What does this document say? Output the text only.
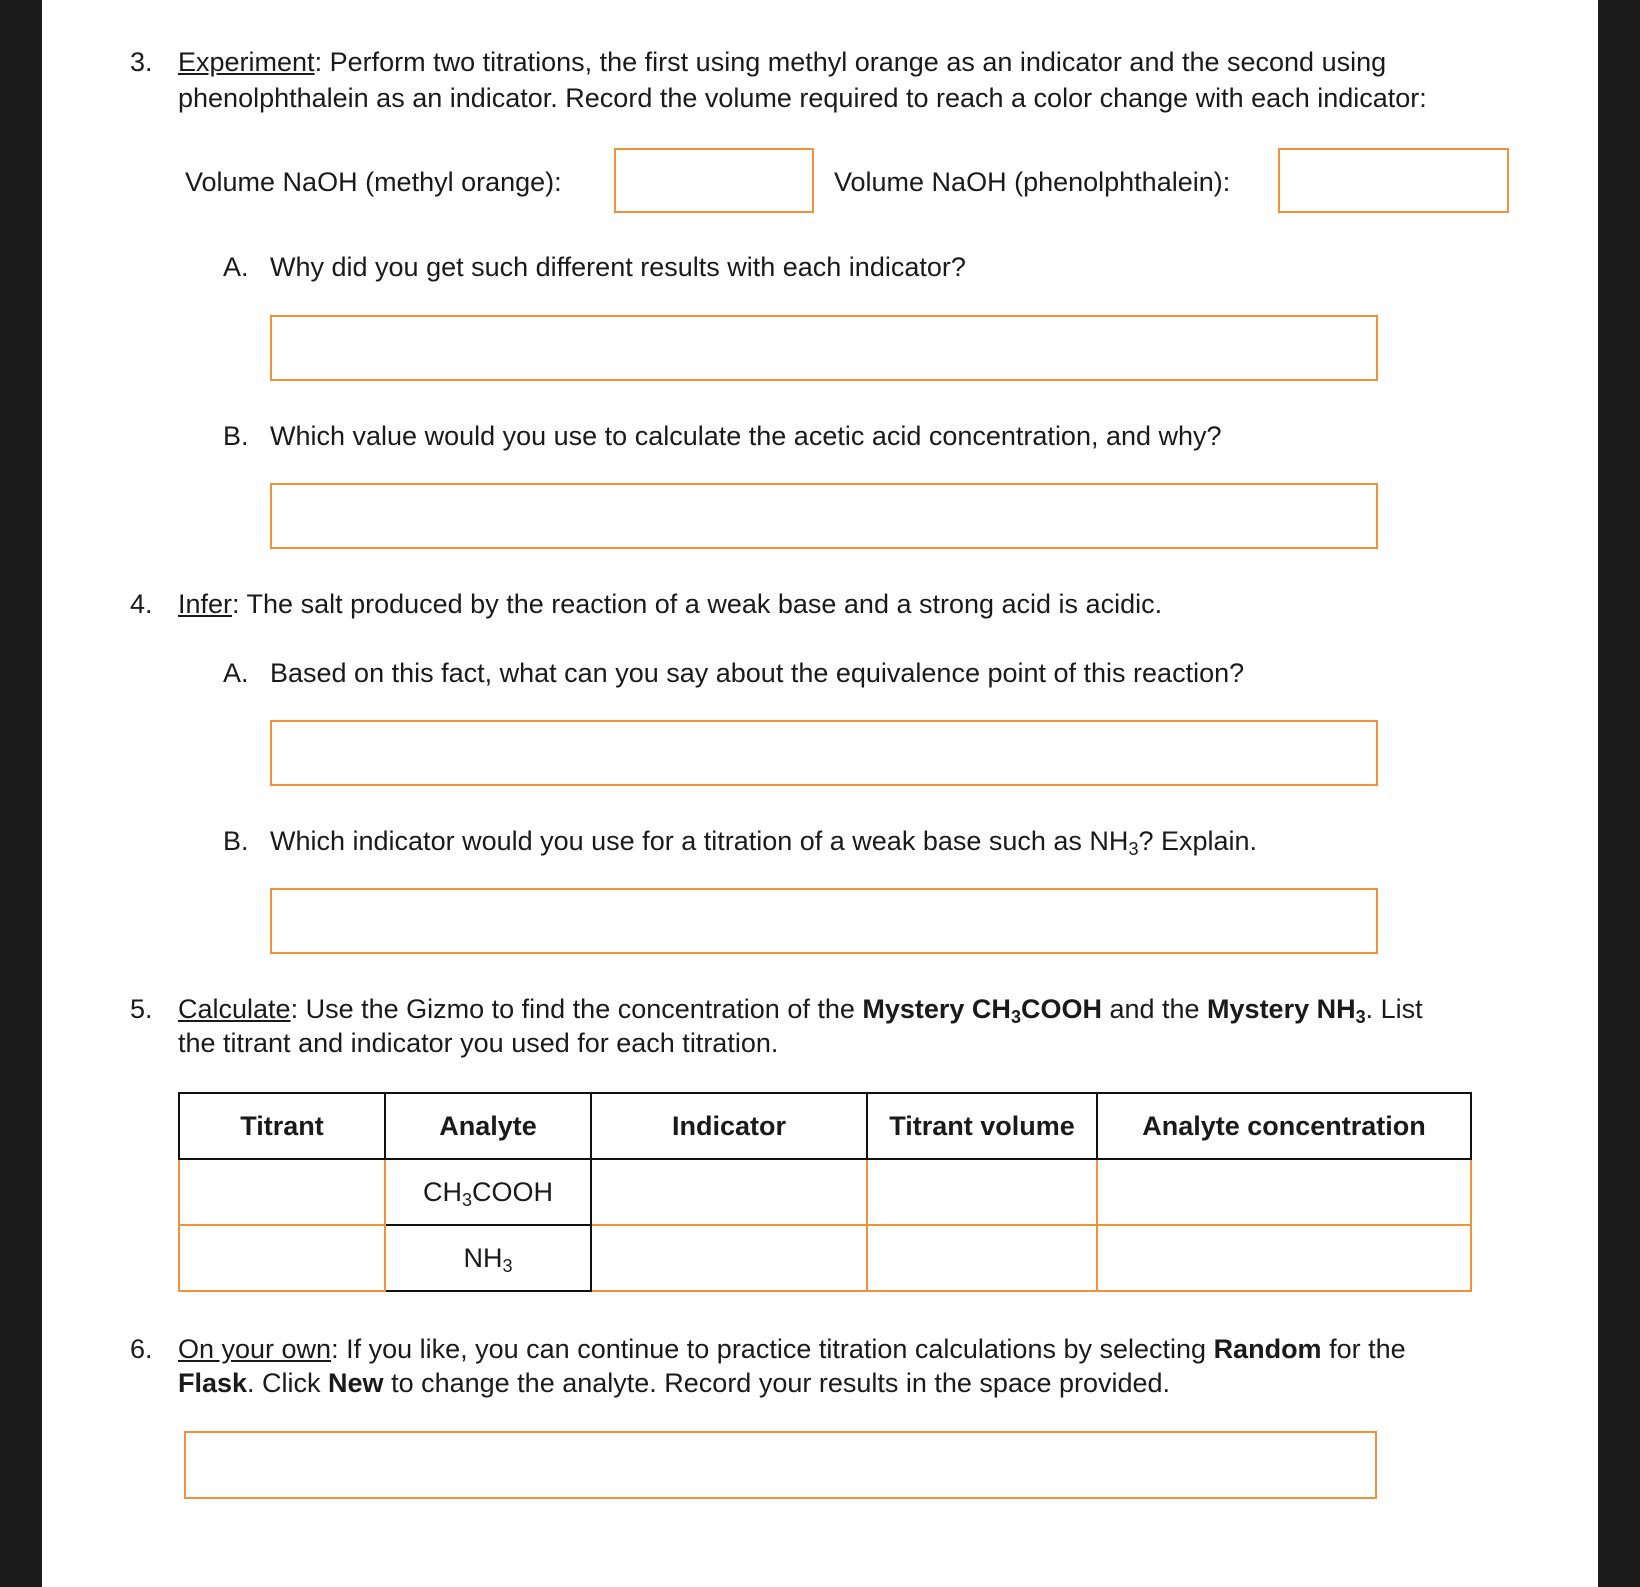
3. Experiment: Perform two titrations, the first using methyl orange as an indicator and the second using
phenolphthalein as an indicator. Record the volume required to reach a color change with each indicator:
Volume NaOH (methyl orange):	Volume NaOH (phenolphthalein):
A. Why did you get such different results with each indicator?
B. Which value would you use to calculate the acetic acid concentration, and why?
4. Infer: The salt produced by the reaction of a weak base and a strong acid is acidic.
A. Based on this fact, what can you say about the equivalence point of this reaction?
B. Which indicator would you use for a titration of a weak base such as $NH_3$? Explain.
5. Calculate: Use the Gizmo to find the concentration of the Mystery $CH_3COOH$ and the Mystery $NH_3$. List
the titrant and indicator you used for each titration.
Titrant	Analyte	Indicator	Titrant volume	Analyte concentration
	$CH_3COOH$			
	$NH_3$			
6. On your own: If you like, you can continue to practice titration calculations by selecting Random for the
Flask. Click New to change the analyte. Record your results in the space provided.
